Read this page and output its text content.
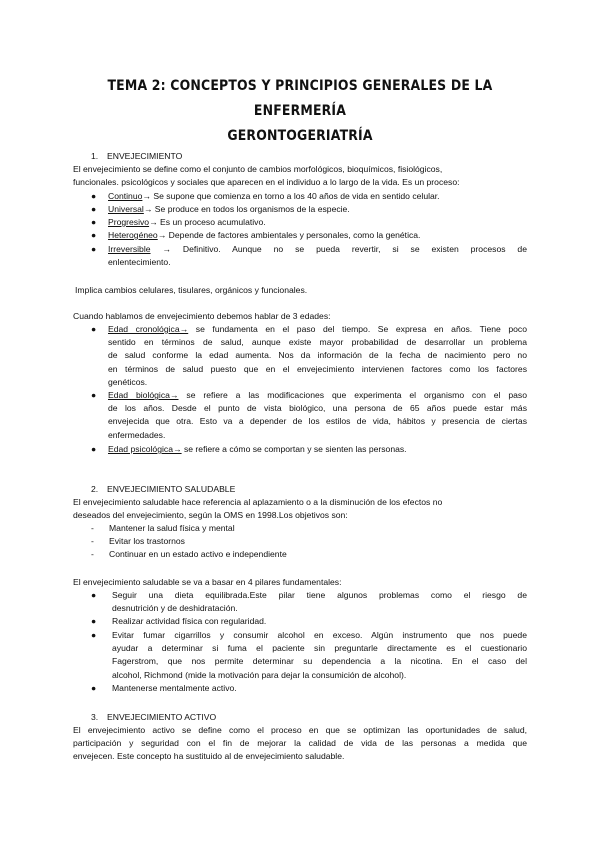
TEMA 2: CONCEPTOS Y PRINCIPIOS GENERALES DE LA ENFERMERÍA
GERONTOGERIATRÍA
1. ENVEJECIMIENTO
El envejecimiento se define como el conjunto de cambios morfológicos, bioquímicos, fisiológicos,
funcionales. psicológicos y sociales que aparecen en el individuo a lo largo de la vida. Es un proceso:
● Continuo→ Se supone que comienza en torno a los 40 años de vida en sentido celular.
● Universal→ Se produce en todos los organismos de la especie.
● Progresivo→ Es un proceso acumulativo.
● Heterogéneo→ Depende de factores ambientales y personales, como la genética.
● Irreversible → Definitivo. Aunque no se pueda revertir, si se existen procesos de
enlentecimiento.
Implica cambios celulares, tisulares, orgánicos y funcionales.
Cuando hablamos de envejecimiento debemos hablar de 3 edades:
● Edad cronológica→ se fundamenta en el paso del tiempo. Se expresa en años. Tiene poco
sentido en términos de salud, aunque existe mayor probabilidad de desarrollar un problema
de salud conforme la edad aumenta. Nos da información de la fecha de nacimiento pero no
en términos de salud puesto que en el envejecimiento intervienen factores como los factores
genéticos.
● Edad biológica→ se refiere a las modificaciones que experimenta el organismo con el paso
de los años. Desde el punto de vista biológico, una persona de 65 años puede estar más
envejecida que otra. Esto va a depender de los estilos de vida, hábitos y presencia de ciertas
enfermedades.
● Edad psicológica→ se refiere a cómo se comportan y se sienten las personas.
2. ENVEJECIMIENTO SALUDABLE
El envejecimiento saludable hace referencia al aplazamiento o a la disminución de los efectos no
deseados del envejecimiento, según la OMS en 1998.Los objetivos son:
- Mantener la salud física y mental
- Evitar los trastornos
- Continuar en un estado activo e independiente
El envejecimiento saludable se va a basar en 4 pilares fundamentales:
● Seguir una dieta equilibrada.Este pilar tiene algunos problemas como el riesgo de
desnutrición y de deshidratación.
● Realizar actividad física con regularidad.
● Evitar fumar cigarrillos y consumir alcohol en exceso. Algún instrumento que nos puede
ayudar a determinar si fuma el paciente sin preguntarle directamente es el cuestionario
Fagerstrom, que nos permite determinar su dependencia a la nicotina. En el caso del
alcohol, Richmond (mide la motivación para dejar la consumición de alcohol).
● Mantenerse mentalmente activo.
3. ENVEJECIMIENTO ACTIVO
El envejecimiento activo se define como el proceso en que se optimizan las oportunidades de salud,
participación y seguridad con el fin de mejorar la calidad de vida de las personas a medida que
envejecen. Este concepto ha sustituido al de envejecimiento saludable.
